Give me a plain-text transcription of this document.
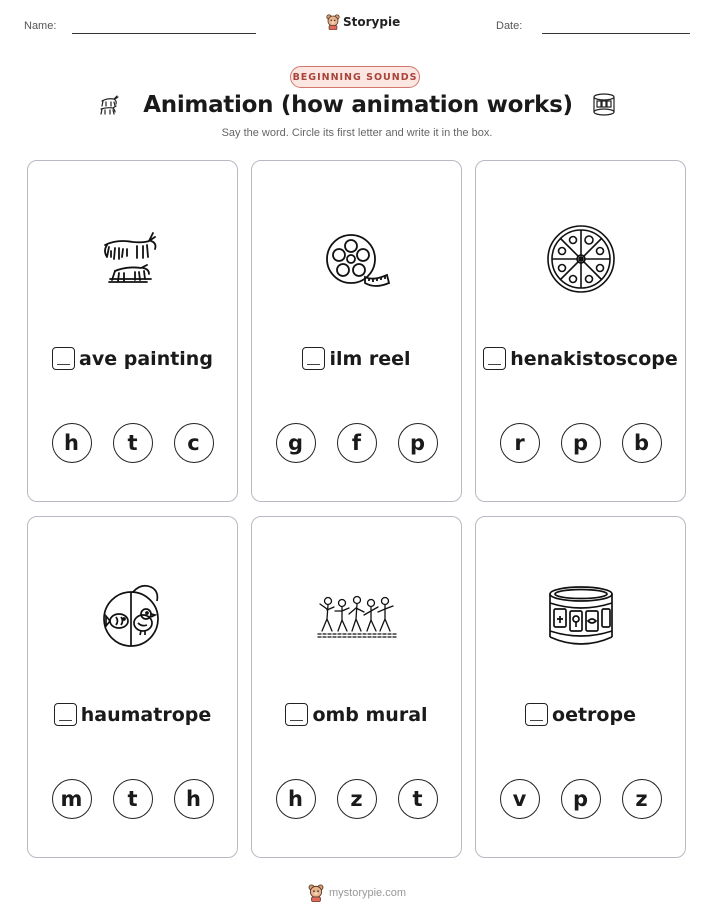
Name:	Storypie	Date:
BEGINNING SOUNDS
Animation (how animation works)
Say the word. Circle its first letter and write it in the box.
ave painting
h	t	c
ilm reel
g	f	p
henakistoscope
r	p	b
haumatrope
m	t	h
omb mural
h	z	t
oetrope
v	p	z
mystorypie.com
